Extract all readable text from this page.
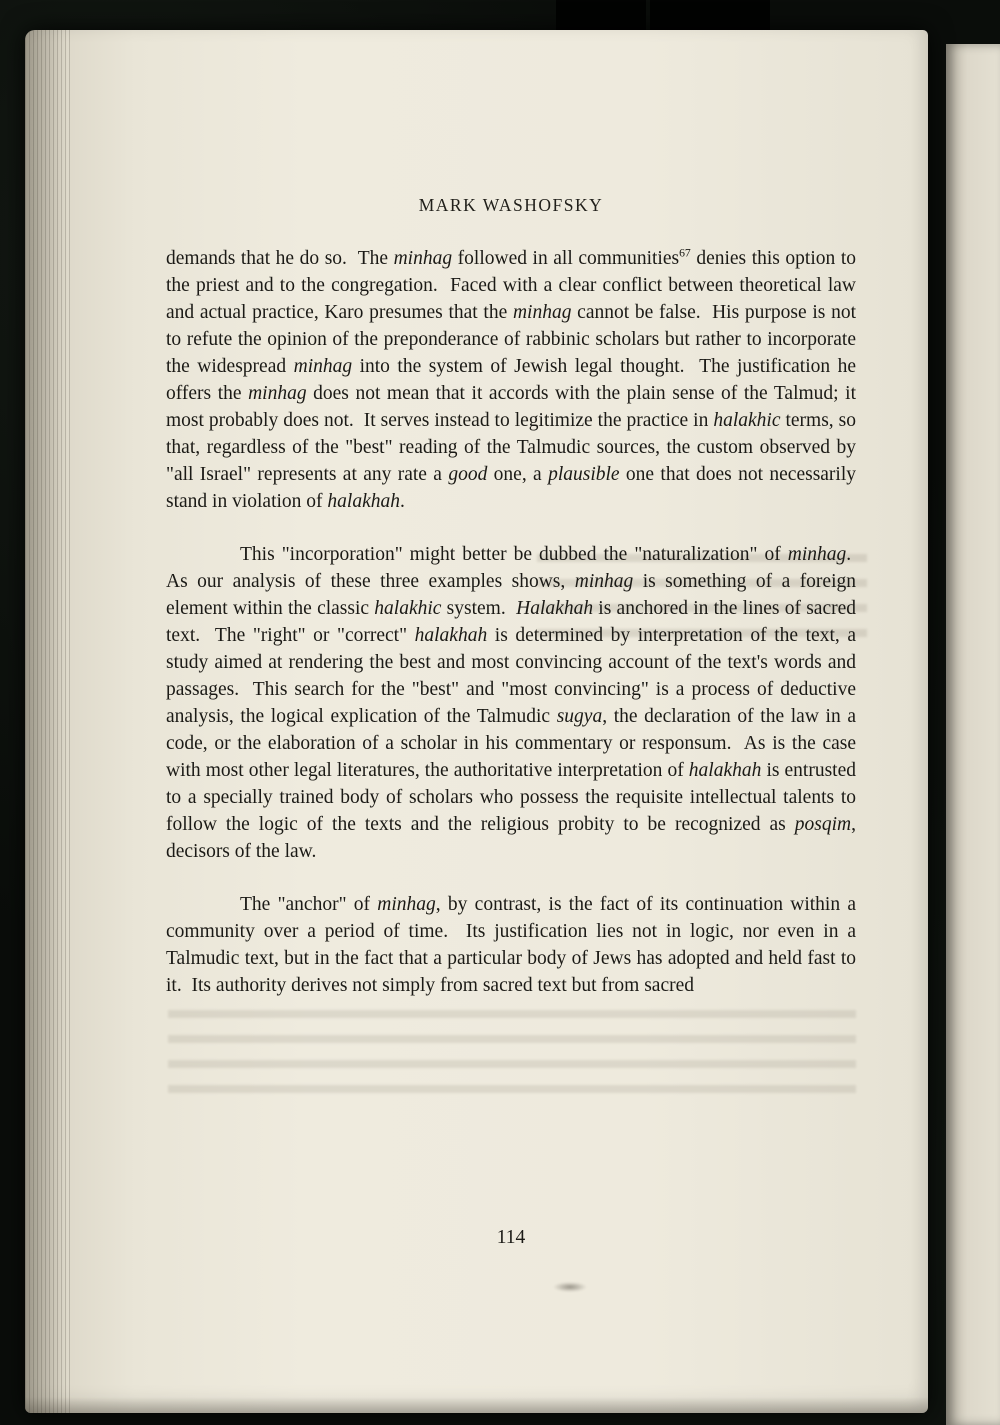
MARK WASHOFSKY

demands that he do so.  The minhag followed in all communities$^{67}$ denies this option to the priest and to the congregation.  Faced with a clear conflict between theoretical law and actual practice, Karo presumes that the minhag cannot be false.  His purpose is not to refute the opinion of the preponderance of rabbinic scholars but rather to incorporate the widespread minhag into the system of Jewish legal thought.  The justification he offers the minhag does not mean that it accords with the plain sense of the Talmud; it most probably does not.  It serves instead to legitimize the practice in halakhic terms, so that, regardless of the "best" reading of the Talmudic sources, the custom observed by "all Israel" represents at any rate a good one, a plausible one that does not necessarily stand in violation of halakhah.

This "incorporation" might better be dubbed the "naturalization" of minhag.  As our analysis of these three examples shows, minhag is something of a foreign element within the classic halakhic system.  Halakhah is anchored in the lines of sacred text.  The "right" or "correct" halakhah is determined by interpretation of the text, a study aimed at rendering the best and most convincing account of the text's words and passages.  This search for the "best" and "most convincing" is a process of deductive analysis, the logical explication of the Talmudic sugya, the declaration of the law in a code, or the elaboration of a scholar in his commentary or responsum.  As is the case with most other legal literatures, the authoritative interpretation of halakhah is entrusted to a specially trained body of scholars who possess the requisite intellectual talents to follow the logic of the texts and the religious probity to be recognized as posqim, decisors of the law.

The "anchor" of minhag, by contrast, is the fact of its continuation within a community over a period of time.  Its justification lies not in logic, nor even in a Talmudic text, but in the fact that a particular body of Jews has adopted and held fast to it.  Its authority derives not simply from sacred text but from sacred

114
